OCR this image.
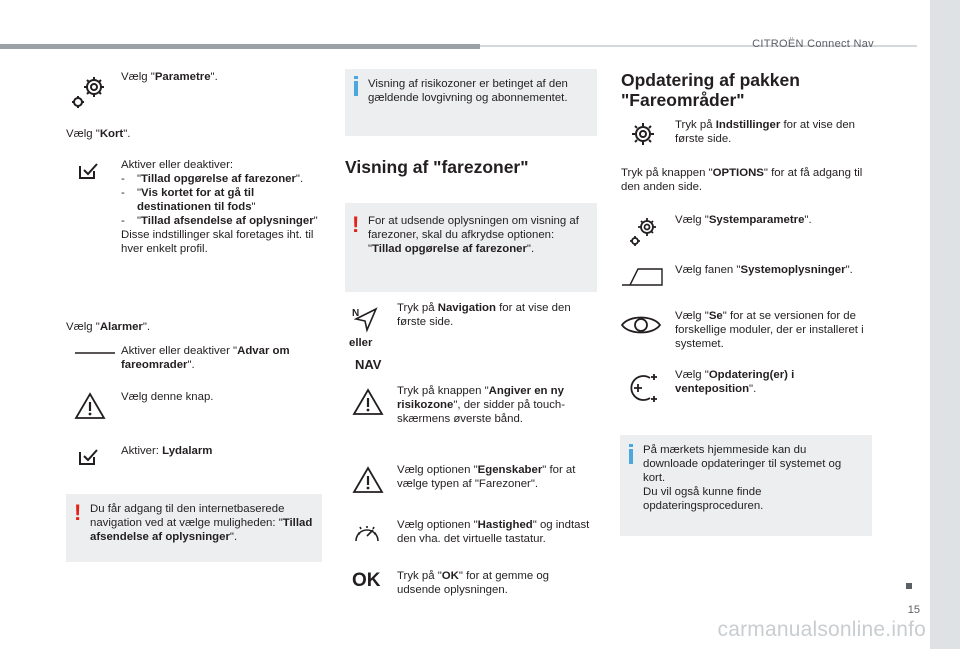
CITROËN Connect Nav
15
carmanualsonline.info
Vælg "Parametre".
Vælg "Kort".
Aktiver eller deaktiver:
- "Tillad opgørelse af farezoner".
- "Vis kortet for at gå til destinationen til fods"
- "Tillad afsendelse af oplysninger"
Disse indstillinger skal foretages iht. til hver enkelt profil.
Vælg "Alarmer".
Aktiver eller deaktiver "Advar om fareomrader".
Vælg denne knap.
Aktiver: Lydalarm
! Du får adgang til den internetbaserede navigation ved at vælge muligheden: "Tillad afsendelse af oplysninger".
Visning af risikozoner er betinget af den gældende lovgivning og abonnementet.
Visning af "farezoner"
! For at udsende oplysningen om visning af farezoner, skal du afkrydse optionen: "Tillad opgørelse af farezoner".
N
eller
NAV
Tryk på Navigation for at vise den første side.
Tryk på knappen "Angiver en ny risikozone", der sidder på touch-skærmens øverste bånd.
Vælg optionen "Egenskaber" for at vælge typen af "Farezoner".
Vælg optionen "Hastighed" og indtast den vha. det virtuelle tastatur.
OK Tryk på "OK" for at gemme og udsende oplysningen.
Opdatering af pakken "Fareområder"
Tryk på Indstillinger for at vise den første side.
Tryk på knappen "OPTIONS" for at få adgang til den anden side.
Vælg "Systemparametre".
Vælg fanen "Systemoplysninger".
Vælg "Se" for at se versionen for de forskellige moduler, der er installeret i systemet.
Vælg "Opdatering(er) i venteposition".
På mærkets hjemmeside kan du downloade opdateringer til systemet og kort.
Du vil også kunne finde opdateringsproceduren.
